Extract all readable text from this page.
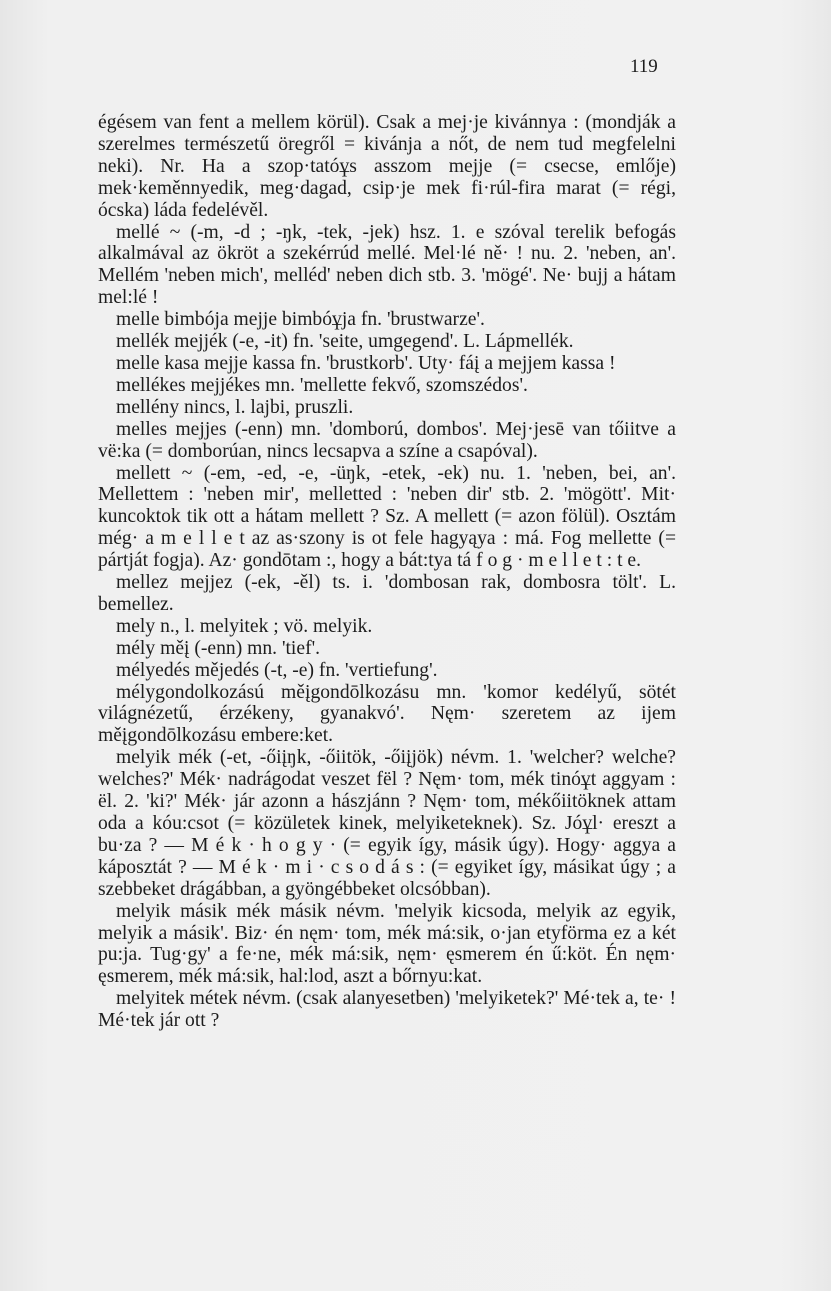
119

égésem van fent a mellem körül). Csak a mej·je kivánnya : (mondják a szerelmes természetű öregről = kivánja a nőt, de nem tud megfelelni neki). Nr. Ha a szop·tatóұs asszom mejje (= csecse, emlője) mek·keměnnyedik, meg·dagad, csip·je mek fi·rúl-fira marat (= régi, ócska) láda fedelévěl.

mellé ~ (-m, -d ; -ŋk, -tek, -jek) hsz. 1. e szóval terelik befogás alkalmával az ökröt a szekérrúd mellé. Mel·lé ně· ! nu. 2. 'neben, an'. Mellém 'neben mich', melléd' neben dich stb. 3. 'mögé'. Ne· bujj a hátam mel:lé !

melle bimbója mejje bimbóұja fn. 'brustwarze'.

mellék mejjék (-e, -it) fn. 'seite, umgegend'. L. Lápmellék.

melle kasa mejje kassa fn. 'brustkorb'. Uty· fáį a mejjem kassa !

mellékes mejjékes mn. 'mellette fekvő, szomszédos'.

mellény nincs, l. lajbi, pruszli.

melles mejjes (-enn) mn. 'domború, dombos'. Mej·jesē van tőiitve a vë:ka (= domborúan, nincs lecsapva a színe a csapóval).

mellett ~ (-em, -ed, -e, -üŋk, -etek, -ek) nu. 1. 'neben, bei, an'. Mellettem : 'neben mir', melletted : 'neben dir' stb. 2. 'mögött'. Mit· kuncoktok tik ott a hátam mellett ? Sz. A mellett (= azon fölül). Osztám még· a m e l l e t az as·szony is ot fele hagyąya : má. Fog mellette (= pártját fogja). Az· gondōtam :, hogy a bát:tya tá f o g · m e l l e t : t e.

mellez mejjez (-ek, -ěl) ts. i. 'dombosan rak, dombosra tölt'. L. bemellez.

mely n., l. melyitek ; vö. melyik.

mély měį (-enn) mn. 'tief'.

mélyedés mějedés (-t, -e) fn. 'vertiefung'.

mélygondolkozású měįgondōlkozásu mn. 'komor kedélyű, sötét világnézetű, érzékeny, gyanakvó'. Nęm· szeretem az ijem měįgondōlkozásu embere:ket.

melyik mék (-et, -őiįŋk, -őiitök, -őiįjök) névm. 1. 'welcher? welche? welches?' Mék· nadrágodat veszet fël ? Nęm· tom, mék tinóұt aggyam : ël. 2. 'ki?' Mék· jár azonn a hászjánn ? Nęm· tom, mékőiitöknek attam oda a kóu:csot (= közületek kinek, melyiketeknek). Sz. Jóұl· ereszt a bu·za ? — M é k · h o g y · (= egyik így, másik úgy). Hogy· aggya a káposztát ? — M é k · m i · c s o d á s : (= egyiket így, másikat úgy ; a szebbeket drágábban, a gyöngébbeket olcsóbban).

melyik másik mék másik névm. 'melyik kicsoda, melyik az egyik, melyik a másik'. Biz· én nęm· tom, mék má:sik, o·jan etyförma ez a két pu:ja. Tug·gy' a fe·ne, mék má:sik, nęm· ęsmerem én ű:köt. Én nęm· ęsmerem, mék má:sik, hal:lod, aszt a bőrnyu:kat.

melyitek métek névm. (csak alanyesetben) 'melyiketek?' Mé·tek a, te· ! Mé·tek jár ott ?
